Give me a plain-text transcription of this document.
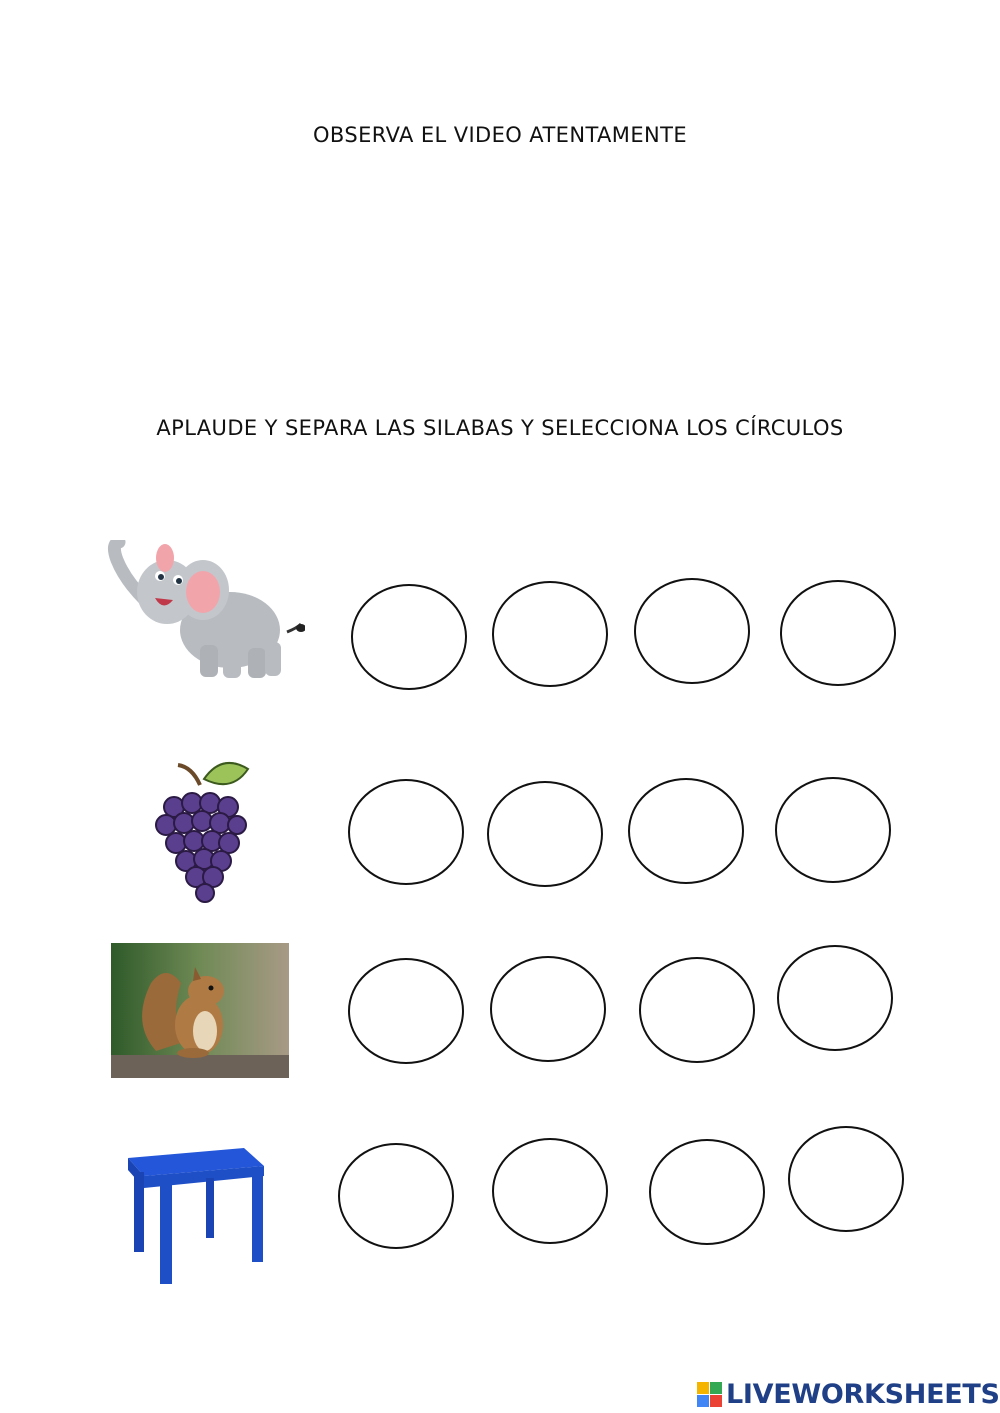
OBSERVA EL VIDEO ATENTAMENTE
APLAUDE Y SEPARA LAS SILABAS Y SELECCIONA LOS CÍRCULOS
LIVEWORKSHEETS
